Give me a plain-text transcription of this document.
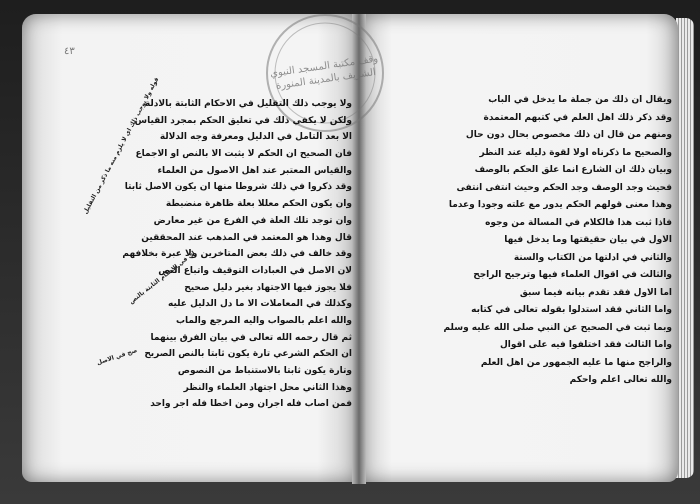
٤٣
وقف مكتبة المسجد النبوي الشريف بالمدينة المنورة
ولا يوجب ذلك التقليل في الاحكام الثابتة بالادلة
ولكن لا يكفي ذلك في تعليق الحكم بمجرد القياس
الا بعد التامل في الدليل ومعرفة وجه الدلالة
فان الصحيح ان الحكم لا يثبت الا بالنص او الاجماع
والقياس المعتبر عند اهل الاصول من العلماء
وقد ذكروا في ذلك شروطا منها ان يكون الاصل ثابتا
وان يكون الحكم معللا بعلة ظاهرة منضبطة
وان توجد تلك العلة في الفرع من غير معارض
قال وهذا هو المعتمد في المذهب عند المحققين
وقد خالف في ذلك بعض المتاخرين ولا عبرة بخلافهم
لان الاصل في العبادات التوقيف واتباع النص
فلا يجوز فيها الاجتهاد بغير دليل صحيح
وكذلك في المعاملات الا ما دل الدليل عليه
والله اعلم بالصواب واليه المرجع والماب
ثم قال رحمه الله تعالى في بيان الفرق بينهما
ان الحكم الشرعي تارة يكون ثابتا بالنص الصريح
وتارة يكون ثابتا بالاستنباط من النصوص
وهذا الثاني محل اجتهاد العلماء والنظر
فمن اصاب فله اجران ومن اخطا فله اجر واحد
ويقال ان ذلك من جملة ما يدخل في الباب
وقد ذكر ذلك اهل العلم في كتبهم المعتمدة
ومنهم من قال ان ذلك مخصوص بحال دون حال
والصحيح ما ذكرناه اولا لقوة دليله عند النظر
وبيان ذلك ان الشارع انما علق الحكم بالوصف
فحيث وجد الوصف وجد الحكم وحيث انتفى انتفى
وهذا معنى قولهم الحكم يدور مع علته وجودا وعدما
فاذا ثبت هذا فالكلام في المسالة من وجوه
الاول في بيان حقيقتها وما يدخل فيها
والثاني في ادلتها من الكتاب والسنة
والثالث في اقوال العلماء فيها وترجيح الراجح
اما الاول فقد تقدم بيانه فيما سبق
واما الثاني فقد استدلوا بقوله تعالى في كتابه
وبما ثبت في الصحيح عن النبي صلى الله عليه وسلم
واما الثالث فقد اختلفوا فيه على اقوال
والراجح منها ما عليه الجمهور من اهل العلم
والله تعالى اعلم واحكم
قوله ولا يوجب ذلك اي لا يلزم منه ما ذكر من التقليل
اي في الاحكام الثابتة بالنص
صح في الاصل
